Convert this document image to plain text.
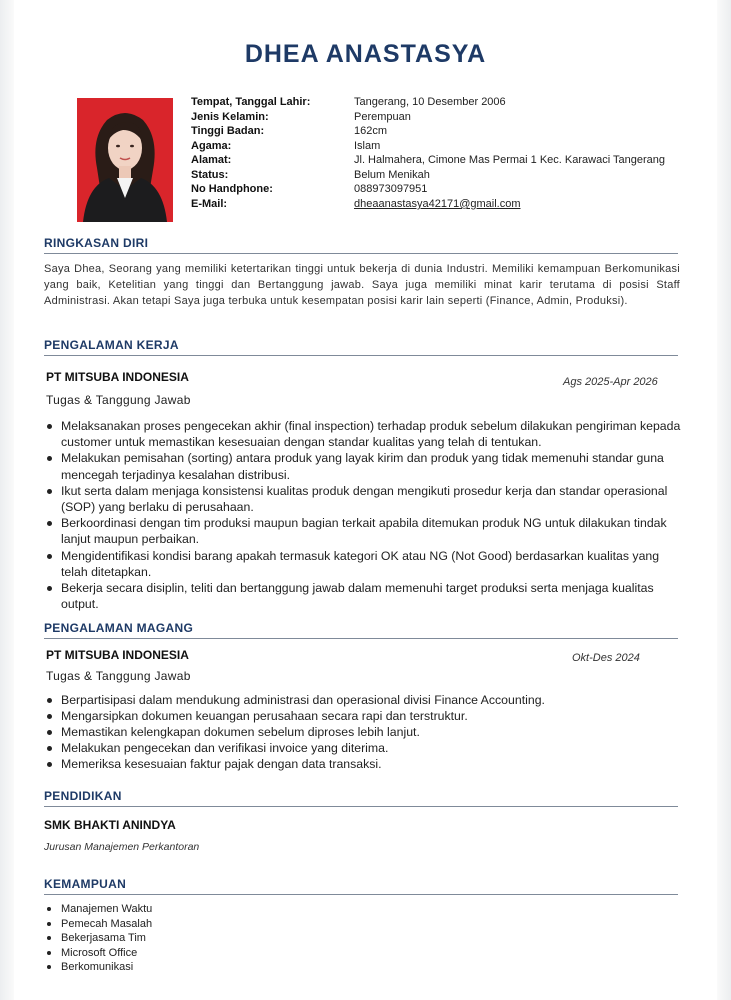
DHEA ANASTASYA
Tempat, Tanggal Lahir:	Tangerang, 10 Desember 2006
Jenis Kelamin:	Perempuan
Tinggi Badan:	162cm
Agama:	Islam
Alamat:	Jl. Halmahera, Cimone Mas Permai 1 Kec. Karawaci Tangerang
Status:	Belum Menikah
No Handphone:	088973097951
E-Mail:	dheaanastasya42171@gmail.com
RINGKASAN DIRI
Saya Dhea, Seorang yang memiliki ketertarikan tinggi untuk bekerja di dunia Industri. Memiliki kemampuan Berkomunikasi yang baik, Ketelitian yang tinggi dan Bertanggung jawab. Saya juga memiliki minat karir terutama di posisi Staff Administrasi. Akan tetapi Saya juga terbuka untuk kesempatan posisi karir lain seperti (Finance, Admin, Produksi).
PENGALAMAN KERJA
PT MITSUBA INDONESIA	Ags 2025-Apr 2026
Tugas & Tanggung Jawab
Melaksanakan proses pengecekan akhir (final inspection) terhadap produk sebelum dilakukan pengiriman kepada customer untuk memastikan kesesuaian dengan standar kualitas yang telah di tentukan.
Melakukan pemisahan (sorting) antara produk yang layak kirim dan produk yang tidak memenuhi standar guna mencegah terjadinya kesalahan distribusi.
Ikut serta dalam menjaga konsistensi kualitas produk dengan mengikuti prosedur kerja dan standar operasional (SOP) yang berlaku di perusahaan.
Berkoordinasi dengan tim produksi maupun bagian terkait apabila ditemukan produk NG untuk dilakukan tindak lanjut maupun perbaikan.
Mengidentifikasi kondisi barang apakah termasuk kategori OK atau NG (Not Good) berdasarkan kualitas yang telah ditetapkan.
Bekerja secara disiplin, teliti dan bertanggung jawab dalam memenuhi target produksi serta menjaga kualitas output.
PENGALAMAN MAGANG
PT MITSUBA INDONESIA	Okt-Des 2024
Tugas & Tanggung Jawab
Berpartisipasi dalam mendukung administrasi dan operasional divisi Finance Accounting.
Mengarsipkan dokumen keuangan perusahaan secara rapi dan terstruktur.
Memastikan kelengkapan dokumen sebelum diproses lebih lanjut.
Melakukan pengecekan dan verifikasi invoice yang diterima.
Memeriksa kesesuaian faktur pajak dengan data transaksi.
PENDIDIKAN
SMK BHAKTI ANINDYA
Jurusan Manajemen Perkantoran
KEMAMPUAN
Manajemen Waktu
Pemecah Masalah
Bekerjasama Tim
Microsoft Office
Berkomunikasi
